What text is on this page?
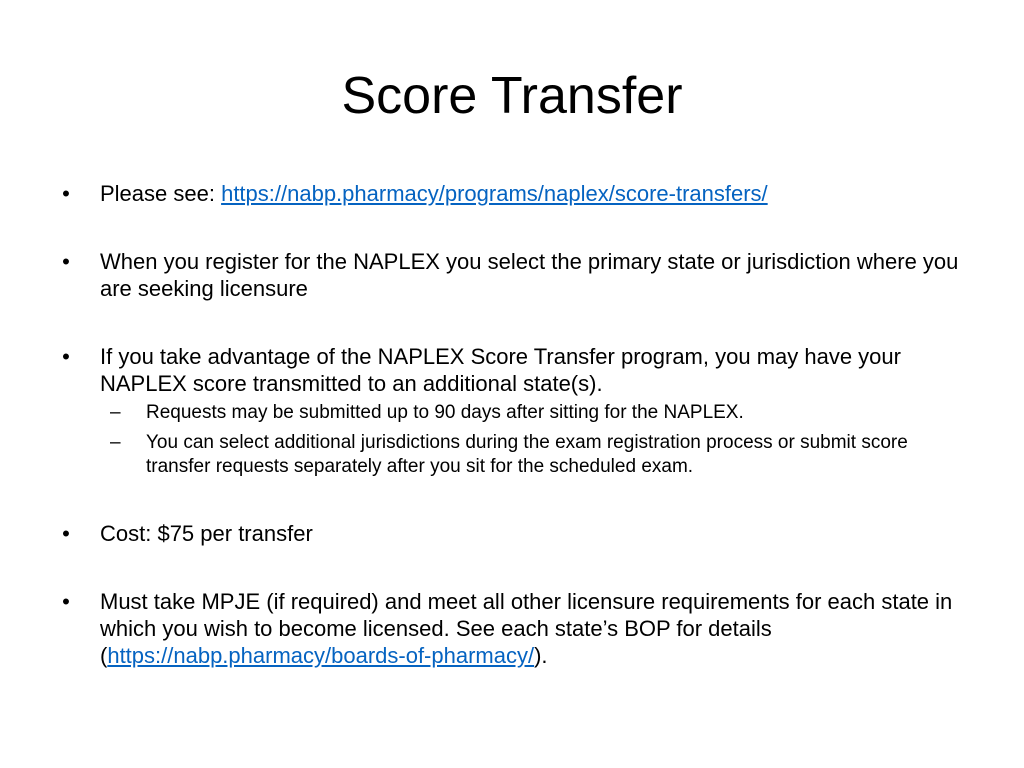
Score Transfer
• Please see: https://nabp.pharmacy/programs/naplex/score-transfers/
• When you register for the NAPLEX you select the primary state or jurisdiction where you are seeking licensure
• If you take advantage of the NAPLEX Score Transfer program, you may have your NAPLEX score transmitted to an additional state(s).
– Requests may be submitted up to 90 days after sitting for the NAPLEX.
– You can select additional jurisdictions during the exam registration process or submit score transfer requests separately after you sit for the scheduled exam.
• Cost: $75 per transfer
• Must take MPJE (if required) and meet all other licensure requirements for each state in which you wish to become licensed. See each state’s BOP for details (https://nabp.pharmacy/boards-of-pharmacy/).
